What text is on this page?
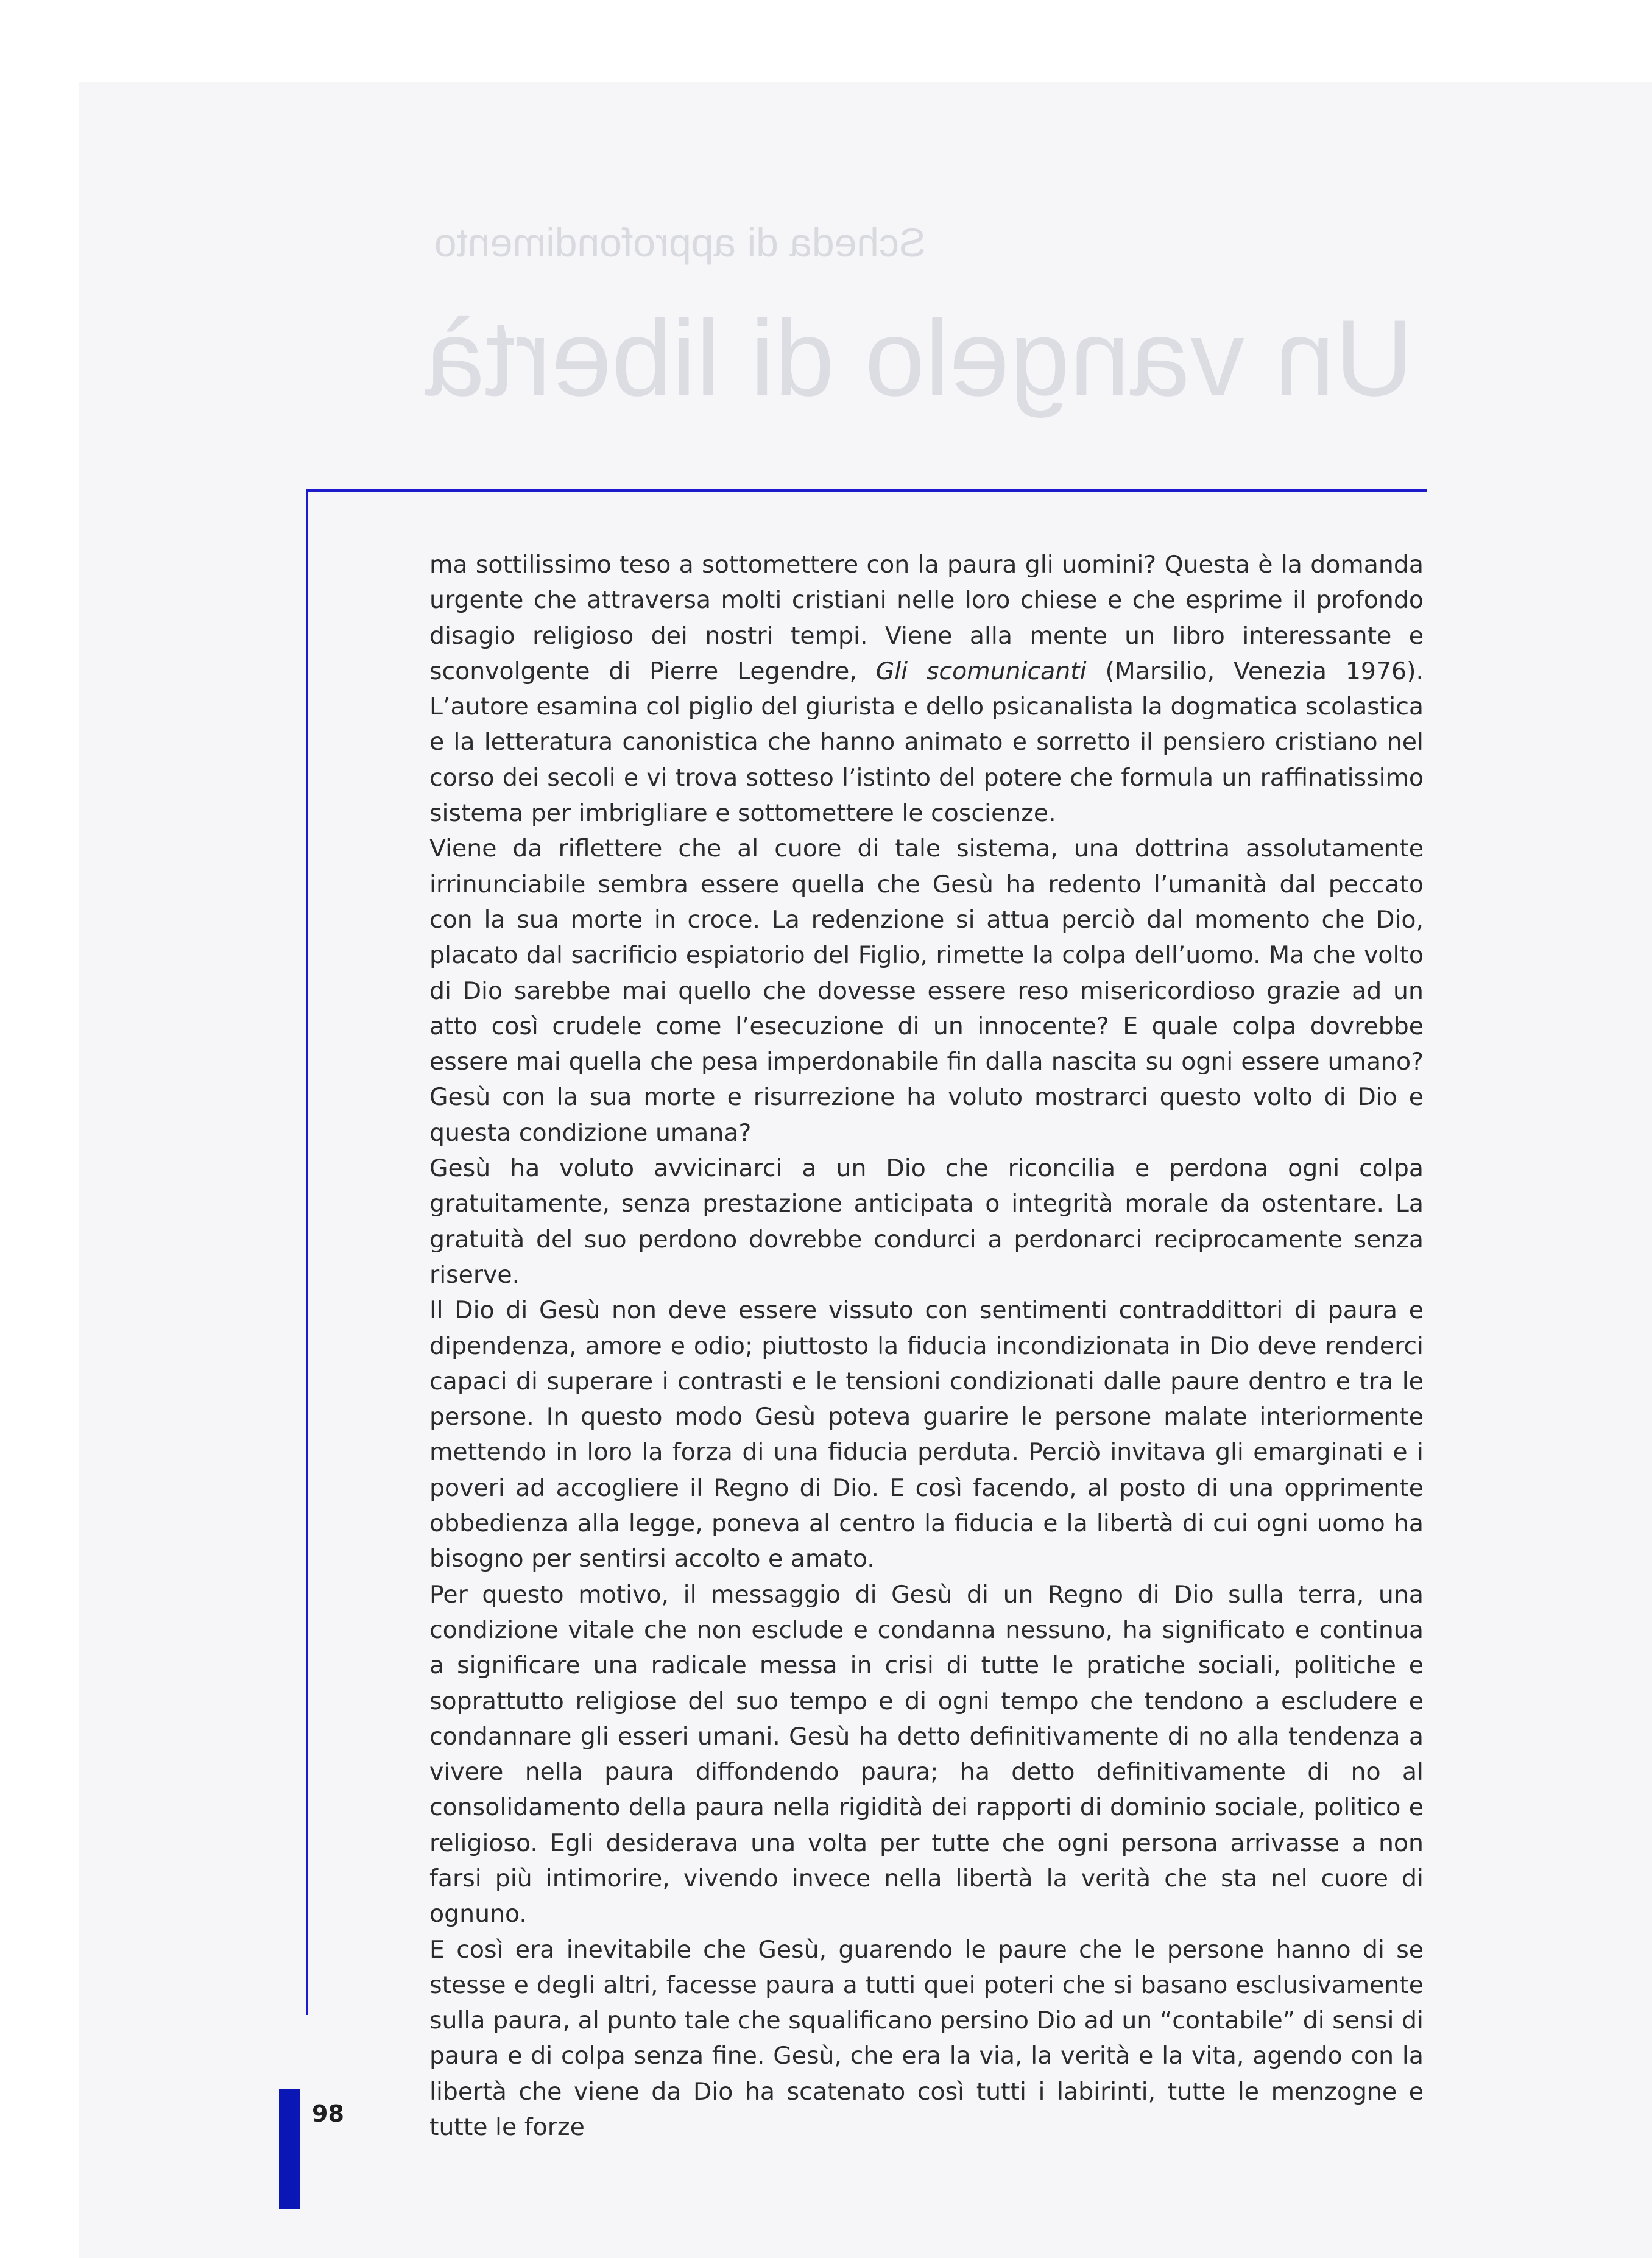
Scheda di approfondimento
Un vangelo di libertà

ma sottilissimo teso a sottomettere con la paura gli uomini? Questa è la domanda urgente che attraversa molti cristiani nelle loro chiese e che esprime il profondo disagio religioso dei nostri tempi. Viene alla mente un libro interessante e sconvolgente di Pierre Legendre, Gli scomunicanti (Marsilio, Venezia 1976). L’autore esamina col piglio del giurista e dello psicanalista la dogmatica scolastica e la letteratura canonistica che hanno animato e sorretto il pensiero cristiano nel corso dei secoli e vi trova sotteso l’istinto del potere che formula un raffinatissimo sistema per imbrigliare e sottomettere le coscienze.
Viene da riflettere che al cuore di tale sistema, una dottrina assolutamente irrinunciabile sembra essere quella che Gesù ha redento l’umanità dal peccato con la sua morte in croce. La redenzione si attua perciò dal momento che Dio, placato dal sacrificio espiatorio del Figlio, rimette la colpa dell’uomo. Ma che volto di Dio sarebbe mai quello che dovesse essere reso misericordioso grazie ad un atto così crudele come l’esecuzione di un innocente? E quale colpa dovrebbe essere mai quella che pesa imperdonabile fin dalla nascita su ogni essere umano? Gesù con la sua morte e risurrezione ha voluto mostrarci questo volto di Dio e questa condizione umana?
Gesù ha voluto avvicinarci a un Dio che riconcilia e perdona ogni colpa gratuitamente, senza prestazione anticipata o integrità morale da ostentare. La gratuità del suo perdono dovrebbe condurci a perdonarci reciprocamente senza riserve.
Il Dio di Gesù non deve essere vissuto con sentimenti contraddittori di paura e dipendenza, amore e odio; piuttosto la fiducia incondizionata in Dio deve renderci capaci di superare i contrasti e le tensioni condizionati dalle paure dentro e tra le persone. In questo modo Gesù poteva guarire le persone malate interiormente mettendo in loro la forza di una fiducia perduta. Perciò invitava gli emarginati e i poveri ad accogliere il Regno di Dio. E così facendo, al posto di una opprimente obbedienza alla legge, poneva al centro la fiducia e la libertà di cui ogni uomo ha bisogno per sentirsi accolto e amato.
Per questo motivo, il messaggio di Gesù di un Regno di Dio sulla terra, una condizione vitale che non esclude e condanna nessuno, ha significato e continua a significare una radicale messa in crisi di tutte le pratiche sociali, politiche e soprattutto religiose del suo tempo e di ogni tempo che tendono a escludere e condannare gli esseri umani. Gesù ha detto definitivamente di no alla tendenza a vivere nella paura diffondendo paura; ha detto definitivamente di no al consolidamento della paura nella rigidità dei rapporti di dominio sociale, politico e religioso. Egli desiderava una volta per tutte che ogni persona arrivasse a non farsi più intimorire, vivendo invece nella libertà la verità che sta nel cuore di ognuno.
E così era inevitabile che Gesù, guarendo le paure che le persone hanno di se stesse e degli altri, facesse paura a tutti quei poteri che si basano esclusivamente sulla paura, al punto tale che squalificano persino Dio ad un “contabile” di sensi di paura e di colpa senza fine. Gesù, che era la via, la verità e la vita, agendo con la libertà che viene da Dio ha scatenato così tutti i labirinti, tutte le menzogne e tutte le forze

98
